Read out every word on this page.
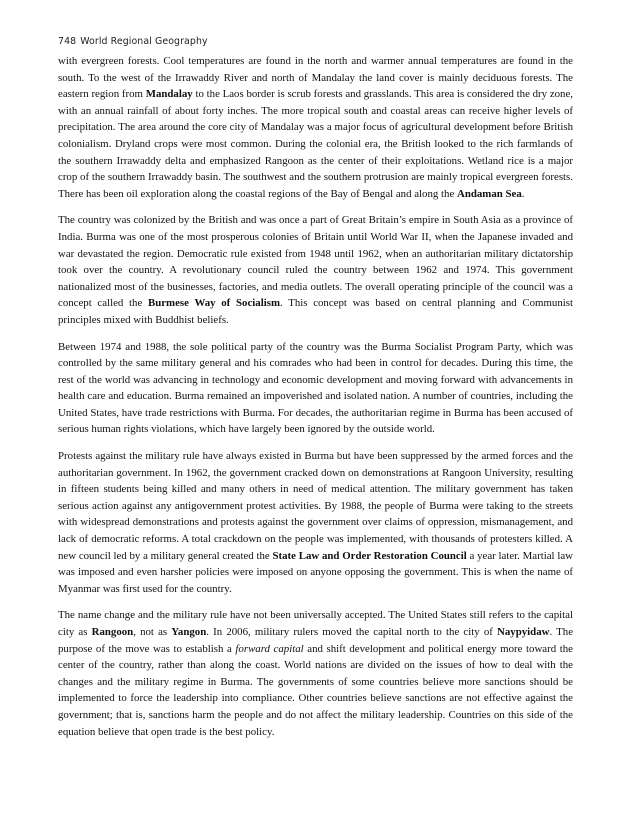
748 World Regional Geography

with evergreen forests. Cool temperatures are found in the north and warmer annual temperatures are found in the south. To the west of the Irrawaddy River and north of Mandalay the land cover is mainly deciduous forests. The eastern region from Mandalay to the Laos border is scrub forests and grasslands. This area is considered the dry zone, with an annual rainfall of about forty inches. The more tropical south and coastal areas can receive higher levels of precipitation. The area around the core city of Mandalay was a major focus of agricultural development before British colonialism. Dryland crops were most common. During the colonial era, the British looked to the rich farmlands of the southern Irrawaddy delta and emphasized Rangoon as the center of their exploitations. Wetland rice is a major crop of the southern Irrawaddy basin. The southwest and the southern protrusion are mainly tropical evergreen forests. There has been oil exploration along the coastal regions of the Bay of Bengal and along the Andaman Sea.

The country was colonized by the British and was once a part of Great Britain’s empire in South Asia as a province of India. Burma was one of the most prosperous colonies of Britain until World War II, when the Japanese invaded and war devastated the region. Democratic rule existed from 1948 until 1962, when an authoritarian military dictatorship took over the country. A revolutionary council ruled the country between 1962 and 1974. This government nationalized most of the businesses, factories, and media outlets. The overall operating principle of the council was a concept called the Burmese Way of Socialism. This concept was based on central planning and Communist principles mixed with Buddhist beliefs.

Between 1974 and 1988, the sole political party of the country was the Burma Socialist Program Party, which was controlled by the same military general and his comrades who had been in control for decades. During this time, the rest of the world was advancing in technology and economic development and moving forward with advancements in health care and education. Burma remained an impoverished and isolated nation. A number of countries, including the United States, have trade restrictions with Burma. For decades, the authoritarian regime in Burma has been accused of serious human rights violations, which have largely been ignored by the outside world.

Protests against the military rule have always existed in Burma but have been suppressed by the armed forces and the authoritarian government. In 1962, the government cracked down on demonstrations at Rangoon University, resulting in fifteen students being killed and many others in need of medical attention. The military government has taken serious action against any antigovernment protest activities. By 1988, the people of Burma were taking to the streets with widespread demonstrations and protests against the government over claims of oppression, mismanagement, and lack of democratic reforms. A total crackdown on the people was implemented, with thousands of protesters killed. A new council led by a military general created the State Law and Order Restoration Council a year later. Martial law was imposed and even harsher policies were imposed on anyone opposing the government. This is when the name of Myanmar was first used for the country.

The name change and the military rule have not been universally accepted. The United States still refers to the capital city as Rangoon, not as Yangon. In 2006, military rulers moved the capital north to the city of Naypyidaw. The purpose of the move was to establish a forward capital and shift development and political energy more toward the center of the country, rather than along the coast. World nations are divided on the issues of how to deal with the changes and the military regime in Burma. The governments of some countries believe more sanctions should be implemented to force the leadership into compliance. Other countries believe sanctions are not effective against the government; that is, sanctions harm the people and do not affect the military leadership. Countries on this side of the equation believe that open trade is the best policy.
